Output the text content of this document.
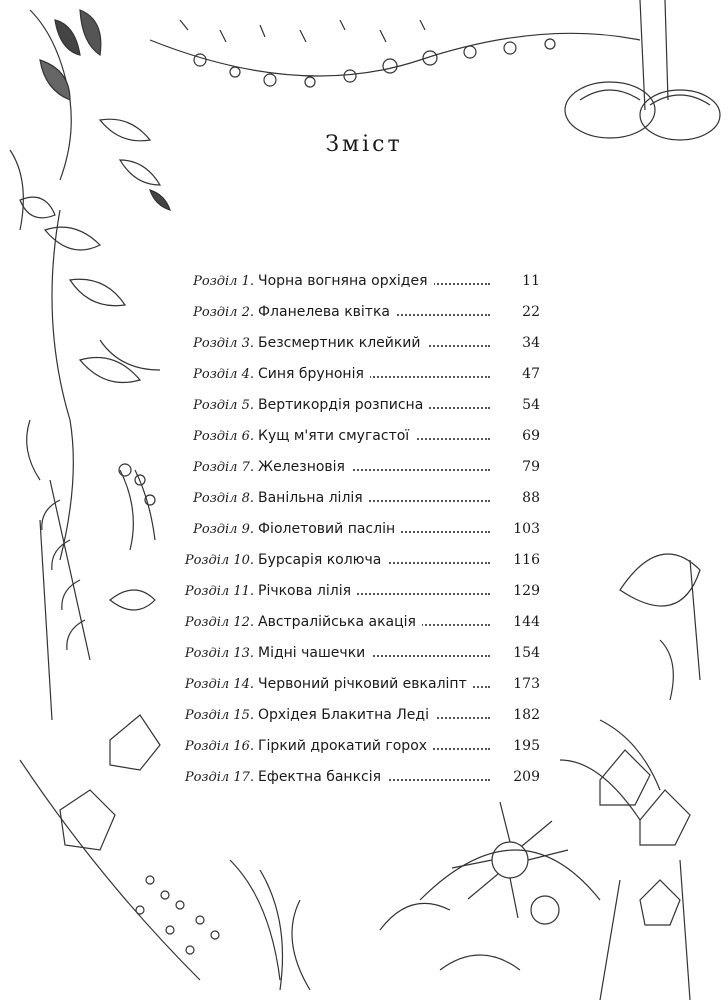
Зміст
Розділ 1. Чорна вогняна орхідея	11
Розділ 2. Фланелева квітка	22
Розділ 3. Безсмертник клейкий	34
Розділ 4. Синя брунонія	47
Розділ 5. Вертикордія розписна	54
Розділ 6. Кущ м'яти смугастої	69
Розділ 7. Железновія	79
Розділ 8. Ванільна лілія	88
Розділ 9. Фіолетовий паслін	103
Розділ 10. Бурсарія колюча	116
Розділ 11. Річкова лілія	129
Розділ 12. Австралійська акація	144
Розділ 13. Мідні чашечки	154
Розділ 14. Червоний річковий евкаліпт	173
Розділ 15. Орхідея Блакитна Леді	182
Розділ 16. Гіркий дрокатий горох	195
Розділ 17. Ефектна банксія	209
